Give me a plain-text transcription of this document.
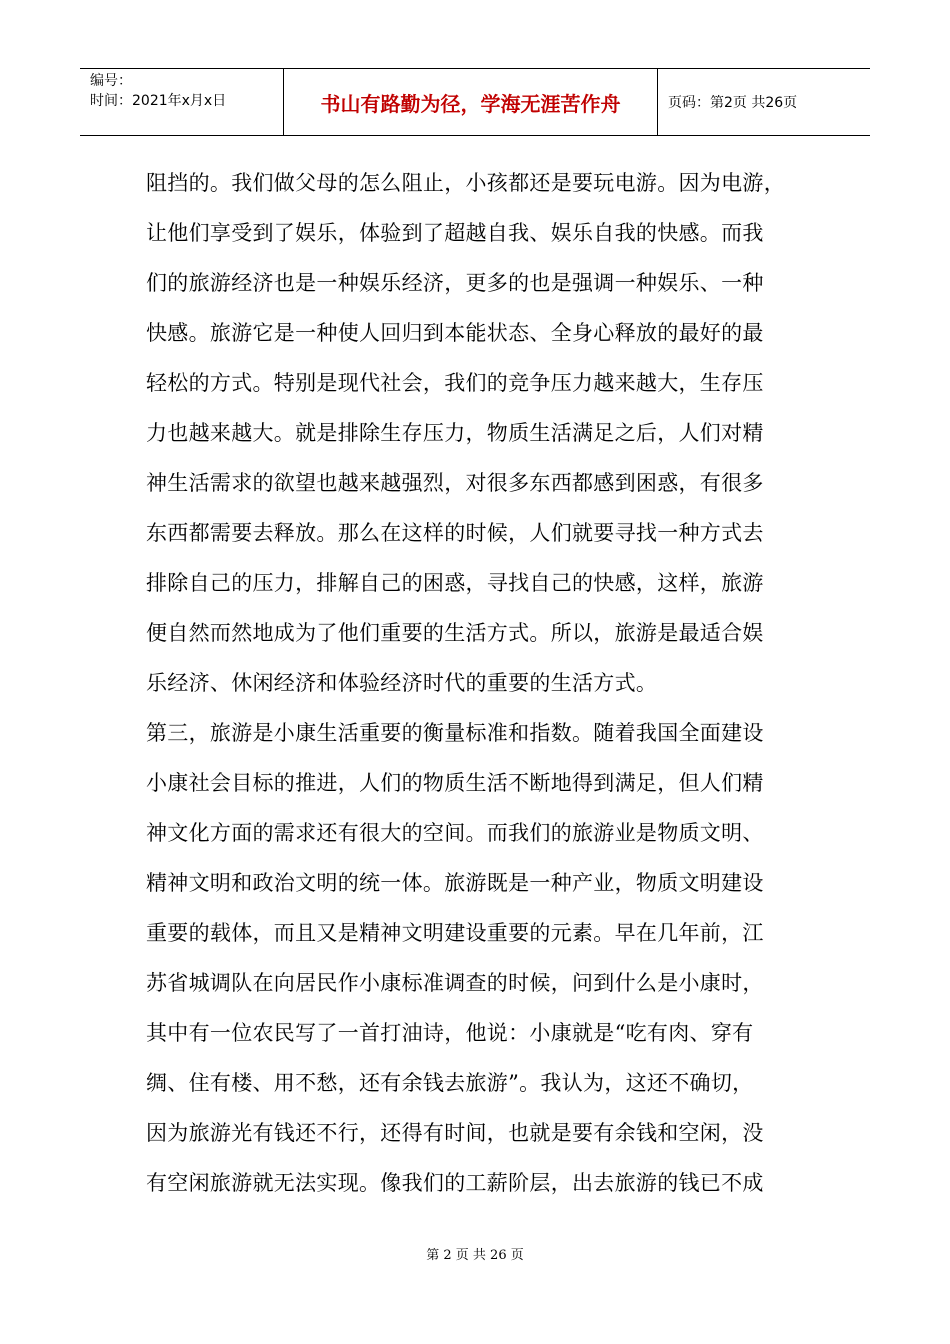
编号：
时间：2021年x月x日	书山有路勤为径，学海无涯苦作舟	页码：第2页 共26页

阻挡的。我们做父母的怎么阻止，小孩都还是要玩电游。因为电游，

让他们享受到了娱乐，体验到了超越自我、娱乐自我的快感。而我

们的旅游经济也是一种娱乐经济，更多的也是强调一种娱乐、一种

快感。旅游它是一种使人回归到本能状态、全身心释放的最好的最

轻松的方式。特别是现代社会，我们的竞争压力越来越大，生存压

力也越来越大。就是排除生存压力，物质生活满足之后，人们对精

神生活需求的欲望也越来越强烈，对很多东西都感到困惑，有很多

东西都需要去释放。那么在这样的时候，人们就要寻找一种方式去

排除自己的压力，排解自己的困惑，寻找自己的快感，这样，旅游

便自然而然地成为了他们重要的生活方式。所以，旅游是最适合娱

乐经济、休闲经济和体验经济时代的重要的生活方式。

第三，旅游是小康生活重要的衡量标准和指数。随着我国全面建设

小康社会目标的推进，人们的物质生活不断地得到满足，但人们精

神文化方面的需求还有很大的空间。而我们的旅游业是物质文明、

精神文明和政治文明的统一体。旅游既是一种产业，物质文明建设

重要的载体，而且又是精神文明建设重要的元素。早在几年前，江

苏省城调队在向居民作小康标准调查的时候，问到什么是小康时，

其中有一位农民写了一首打油诗，他说：小康就是“吃有肉、穿有

绸、住有楼、用不愁，还有余钱去旅游”。我认为，这还不确切，

因为旅游光有钱还不行，还得有时间，也就是要有余钱和空闲，没

有空闲旅游就无法实现。像我们的工薪阶层，出去旅游的钱已不成

第 2 页 共 26 页
